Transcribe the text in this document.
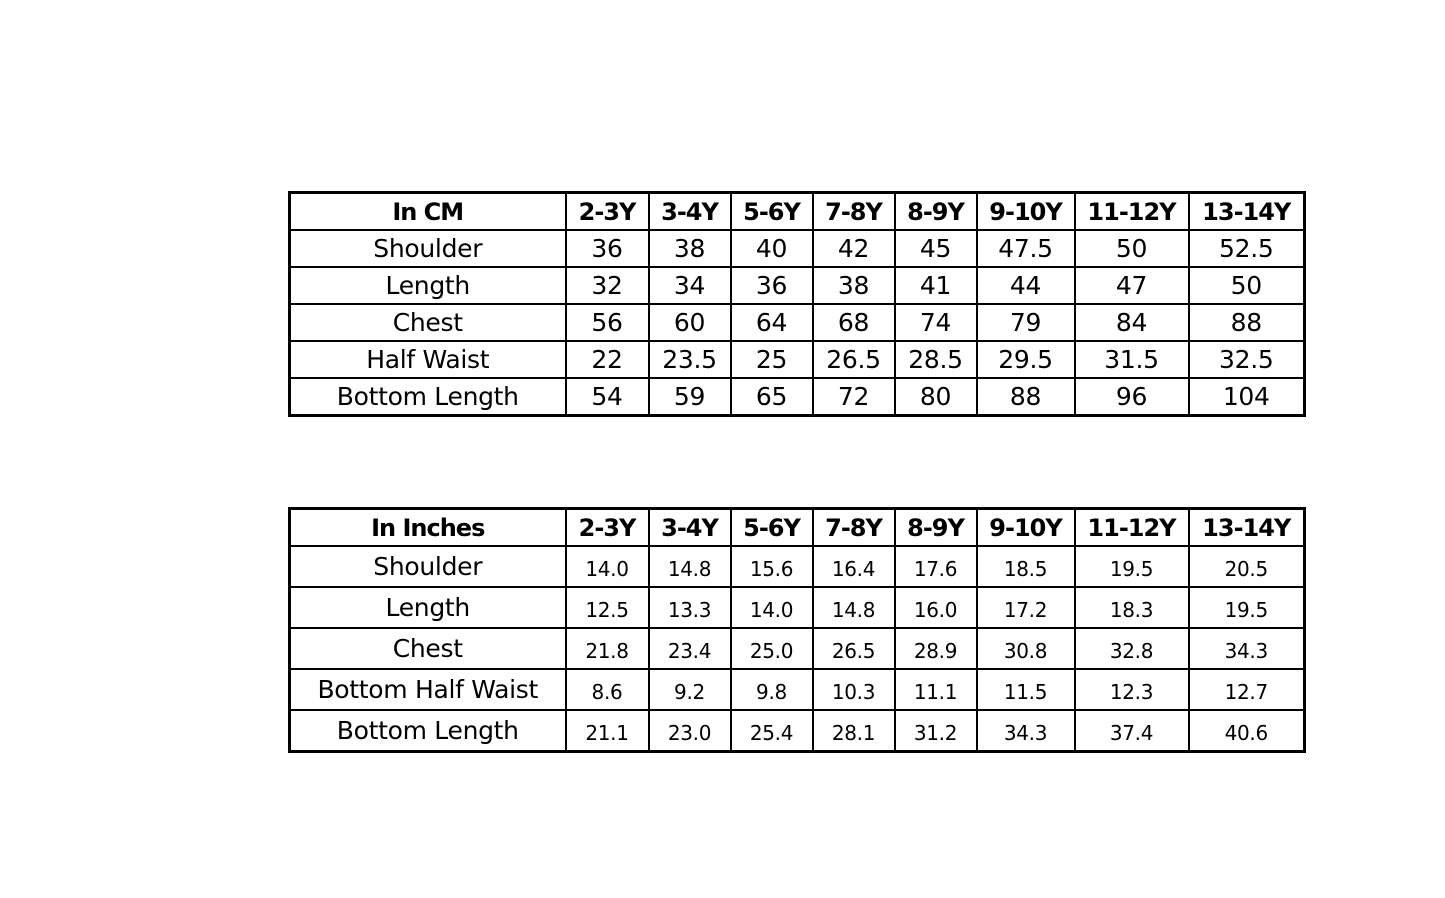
In CM	2-3Y	3-4Y	5-6Y	7-8Y	8-9Y	9-10Y	11-12Y	13-14Y
Shoulder	36	38	40	42	45	47.5	50	52.5
Length	32	34	36	38	41	44	47	50
Chest	56	60	64	68	74	79	84	88
Half Waist	22	23.5	25	26.5	28.5	29.5	31.5	32.5
Bottom Length	54	59	65	72	80	88	96	104
In Inches	2-3Y	3-4Y	5-6Y	7-8Y	8-9Y	9-10Y	11-12Y	13-14Y
Shoulder	14.0	14.8	15.6	16.4	17.6	18.5	19.5	20.5
Length	12.5	13.3	14.0	14.8	16.0	17.2	18.3	19.5
Chest	21.8	23.4	25.0	26.5	28.9	30.8	32.8	34.3
Bottom Half Waist	8.6	9.2	9.8	10.3	11.1	11.5	12.3	12.7
Bottom Length	21.1	23.0	25.4	28.1	31.2	34.3	37.4	40.6
